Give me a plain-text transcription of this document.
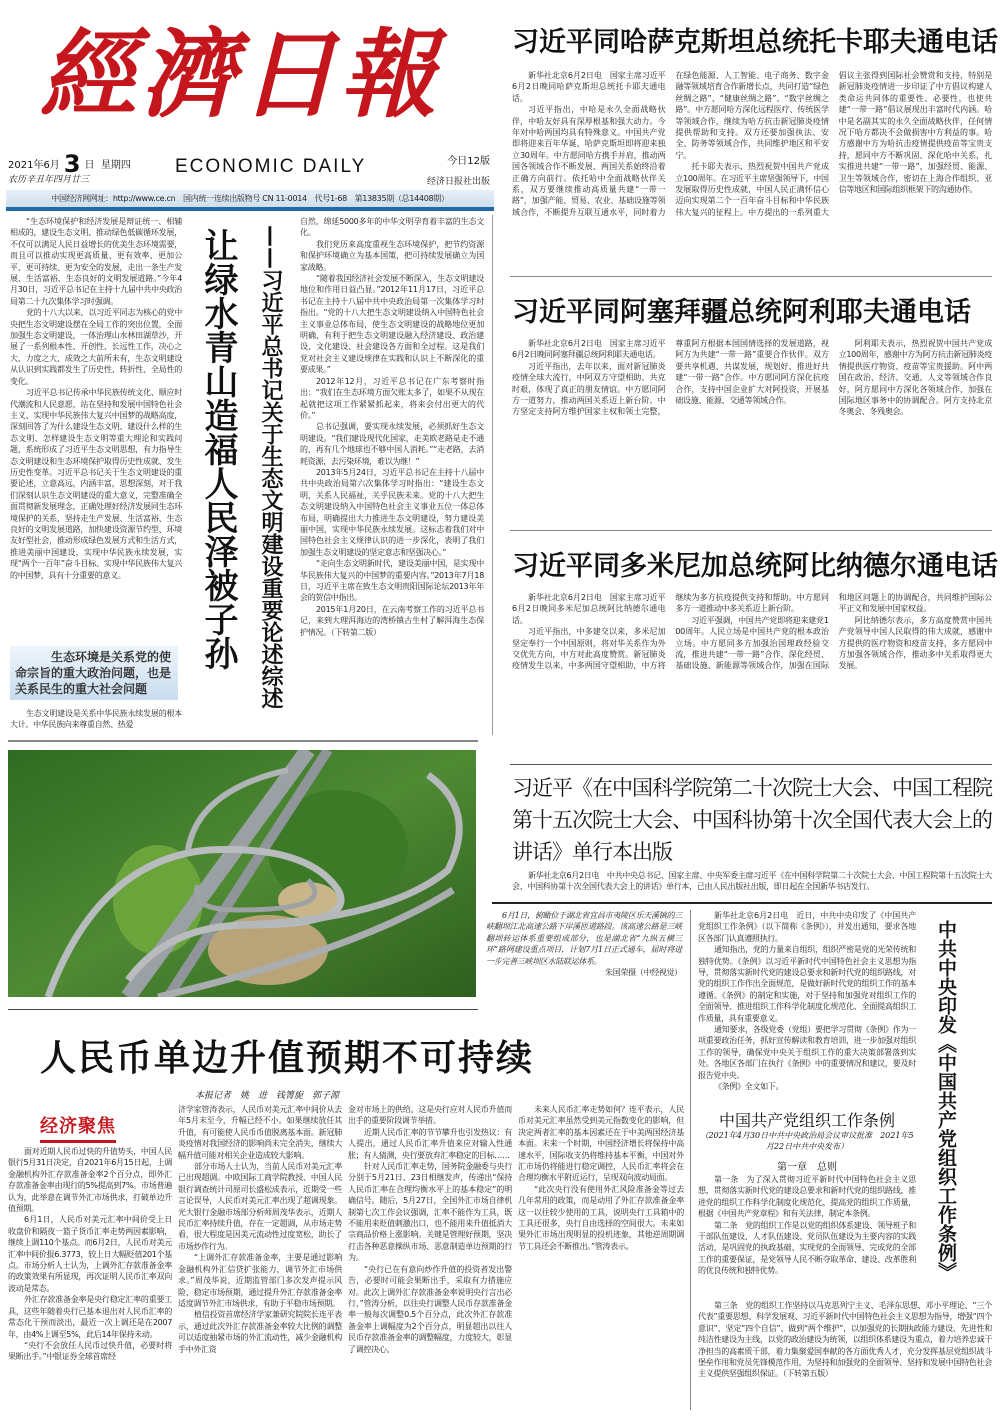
經濟日報
2021年6月 3 日 星期四
农历辛丑年四月廿三
ECONOMIC DAILY	今日12版
经济日报社出版
中国经济网网址：http://www.ce.cn　国内统一连续出版物号 CN 11-0014　代号1-68　第13835期（总14408期）

“生态环境保护和经济发展是辩证统一、相辅相成的，建设生态文明、推动绿色低碳循环发展，不仅可以满足人民日益增长的优美生态环境需要，而且可以推动实现更高质量、更有效率、更加公平、更可持续、更为安全的发展，走出一条生产发展、生活富裕、生态良好的文明发展道路。”今年4月30日，习近平总书记在主持十九届中共中央政治局第二十九次集体学习时强调。

党的十八大以来，以习近平同志为核心的党中央把生态文明建设摆在全局工作的突出位置，全面加强生态文明建设，一体治理山水林田湖草沙，开展了一系列根本性、开创性、长远性工作，决心之大、力度之大、成效之大前所未有，生态文明建设从认识到实践都发生了历史性、转折性、全局性的变化。

习近平总书记传承中华民族传统文化、顺应时代潮流和人民意愿，站在坚持和发展中国特色社会主义、实现中华民族伟大复兴中国梦的战略高度，深刻回答了为什么建设生态文明、建设什么样的生态文明、怎样建设生态文明等重大理论和实践问题，系统形成了习近平生态文明思想，有力指导生态文明建设和生态环境保护取得历史性成就、发生历史性变革。习近平总书记关于生态文明建设的重要论述，立意高远，内涵丰富，思想深刻，对于我们深刻认识生态文明建设的重大意义，完整准确全面贯彻新发展理念，正确处理好经济发展同生态环境保护的关系，坚持走生产发展、生活富裕、生态良好的文明发展道路，加快建设资源节约型、环境友好型社会，推动形成绿色发展方式和生活方式，推进美丽中国建设，实现中华民族永续发展，实现“两个一百年”奋斗目标、实现中华民族伟大复兴的中国梦，具有十分重要的意义。

生态环境是关系党的使命宗旨的重大政治问题，也是关系民生的重大社会问题

生态文明建设是关系中华民族永续发展的根本大计。中华民族向来尊重自然、热爱

让绿水青山造福人民泽被子孙 ——习近平总书记关于生态文明建设重要论述综述

自然，绵延5000多年的中华文明孕育着丰富的生态文化。

我们党历来高度重视生态环境保护，把节约资源和保护环境确立为基本国策，把可持续发展确立为国家战略。

“随着我国经济社会发展不断深入，生态文明建设地位和作用日益凸显。”2012年11月17日，习近平总书记在主持十八届中共中央政治局第一次集体学习时指出。“党的十八大把生态文明建设纳入中国特色社会主义事业总体布局，使生态文明建设的战略地位更加明确，有利于把生态文明建设融入经济建设、政治建设、文化建设、社会建设各方面和全过程。这是我们党对社会主义建设规律在实践和认识上不断深化的重要成果。”

2012年12月，习近平总书记在广东考察时指出：“我们在生态环境方面欠账太多了，如果不从现在起就把这项工作紧紧抓起来，将来会付出更大的代价。”

总书记强调，要实现永续发展，必须抓好生态文明建设。“我们建设现代化国家，走美欧老路是走不通的，再有几个地球也不够中国人消耗。”“走老路，去消耗资源，去污染环境，难以为继！”

2013年5月24日，习近平总书记在主持十八届中共中央政治局第六次集体学习时指出：“建设生态文明，关系人民福祉，关乎民族未来。党的十八大把生态文明建设纳入中国特色社会主义事业五位一体总体布局，明确提出大力推进生态文明建设，努力建设美丽中国，实现中华民族永续发展。这标志着我们对中国特色社会主义规律认识的进一步深化，表明了我们加强生态文明建设的坚定意志和坚强决心。”

“走向生态文明新时代，建设美丽中国，是实现中华民族伟大复兴的中国梦的重要内容。”2013年7月18日，习近平主席在致生态文明贵阳国际论坛2013年年会的贺信中指出。

2015年1月20日，在云南考察工作的习近平总书记，来到大理洱海边的湾桥镇古生村了解洱海生态保护情况。（下转第二版）

习近平同哈萨克斯坦总统托卡耶夫通电话

新华社北京6月2日电　国家主席习近平6月2日晚同哈萨克斯坦总统托卡耶夫通电话。

习近平指出，中哈是永久全面战略伙伴，中哈友好具有深厚根基和强大动力。今年对中哈两国均具有特殊意义。中国共产党即将迎来百年华诞，哈萨克斯坦即将迎来独立30周年。中方愿同哈方携手并肩，推动两国各领域合作不断发展、两国关系始终沿着正确方向前行。依托哈中全面战略伙伴关系，双方要继续推动高质量共建“一带一路”，加强产能、贸易、农业、基础设施等领域合作，不断提升互联互通水平，同时着力在绿色能源、人工智能、电子商务、数字金融等领域培育合作新增长点，共同打造“绿色丝绸之路”、“健康丝绸之路”、“数字丝绸之路”。中方愿同哈方深化远程医疗、传统医学等领域合作，继续为哈方抗击新冠肺炎疫情提供帮助和支持。双方还要加强执法、安全、防务等领域合作，共同维护地区和平安宁。

托卡耶夫表示，热烈祝贺中国共产党成立100周年。在习近平主席坚强领导下，中国发展取得历史性成就，中国人民正满怀信心迈向实现第二个一百年奋斗目标和中华民族伟大复兴的征程上。中方提出的一系列重大倡议主张得到国际社会赞赏和支持，特别是新冠肺炎疫情进一步印证了中方倡议构建人类命运共同体的重要性、必要性，也使共建“一带一路”倡议展现出丰富时代内涵。哈中是名副其实的永久全面战略伙伴，任何情况下哈方都决不会做损害中方利益的事。哈方感谢中方为哈抗击疫情提供疫苗等宝贵支持，愿同中方不断巩固、深化哈中关系，扎实推进共建“一带一路”，加强经贸、能源、卫生等领域合作，密切在上海合作组织、亚信等地区和国际组织框架下的沟通协作。

习近平同阿塞拜疆总统阿利耶夫通电话

新华社北京6月2日电　国家主席习近平6月2日晚同阿塞拜疆总统阿利耶夫通电话。

习近平指出，去年以来，面对新冠肺炎疫情全球大流行，中阿双方守望相助、共克时艰，体现了真正的朋友情谊。中方愿同阿方一道努力，推动两国关系迈上新台阶。中方坚定支持阿方维护国家主权和领土完整，尊重阿方根据本国国情选择的发展道路，视阿方为共建“一带一路”重要合作伙伴。双方要共享机遇、共谋发展，规划好、推进好共建“一带一路”合作。中方愿同阿方深化抗疫合作，支持中国企业扩大对阿投资，开展基础设施、能源、交通等领域合作。

阿利耶夫表示，热烈祝贺中国共产党成立100周年，感谢中方为阿方抗击新冠肺炎疫情提供医疗物资、疫苗等宝贵援助。阿中两国在政治、经济、交通、人文等领域合作良好，阿方愿同中方深化各领域合作，加强在国际地区事务中的协调配合。阿方支持北京冬奥会、冬残奥会。

习近平同多米尼加总统阿比纳德尔通电话

新华社北京6月2日电　国家主席习近平6月2日晚同多米尼加总统阿比纳德尔通电话。

习近平指出，中多建交以来，多米尼加坚定奉行一个中国原则，将对华关系作为外交优先方向，中方对此高度赞赏。新冠肺炎疫情发生以来，中多两国守望相助，中方将继续为多方抗疫提供支持和帮助。中方愿同多方一道推动中多关系迈上新台阶。

习近平强调，中国共产党即将迎来建党100周年。人民立场是中国共产党的根本政治立场。中方愿同多方加强治国理政经验交流，推进共建“一带一路”合作，深化经贸、基础设施、新能源等领域合作，加强在国际和地区问题上的协调配合，共同维护国际公平正义和发展中国家权益。

阿比纳德尔表示，多方高度赞赏中国共产党领导中国人民取得的伟大成就，感谢中方提供的医疗物资和疫苗支持，多方愿同中方加强各领域合作，推动多中关系取得更大发展。

习近平《在中国科学院第二十次院士大会、中国工程院第十五次院士大会、中国科协第十次全国代表大会上的讲话》单行本出版

新华社北京6月2日电　中共中央总书记、国家主席、中央军委主席习近平《在中国科学院第二十次院士大会、中国工程院第十五次院士大会、中国科协第十次全国代表大会上的讲话》单行本，已由人民出版社出版，即日起在全国新华书店发行。

6月1日，俯瞰位于湖北省宜昌市夷陵区乐天溪镇的三峡翻坝江北高速公路下岸溪匝道路段。该高速公路是三峡翻坝转运体系重要组成部分，也是湖北省“九纵五横三环”路网建设重点项目，计划7月1日正式通车，届时将进一步完善三峡坝区水陆联运体系。

朱国荣摄（中经视觉）
人民币单边升值预期不可持续
本报记者　姚　进　钱箐旎　郭子源
经济聚焦

面对近期人民币过快的升值势头，中国人民银行5月31日决定，自2021年6月15日起，上调金融机构外汇存款准备金率2个百分点，即外汇存款准备金率由现行的5%提高到7%。市场普遍认为，此举意在调节外汇市场供求，打破单边升值预期。

6月1日，人民币对美元汇率中间价受上日收盘价和隔夜一篮子货币汇率走势两因素影响，继续上调110个基点。而6月2日，人民币对美元汇率中间价报6.3773，较上日大幅贬值201个基点。市场分析人士认为，上调外汇存款准备金率的政策效果有所显现，再次证明人民币汇率双向波动是常态。

外汇存款准备金率是央行稳定汇率的重要工具，这些年随着央行已基本退出对人民币汇率的常态化干预而淡出，最近一次上调还是在2007年，由4%上调至5%，此后14年保持未动。

“央行不会放任人民币过快升值，必要时将果断出手。”中银证券全球首席经

济学家管涛表示，人民币对美元汇率中间价从去年5月末至今，升幅已经不小。如果继续放任其升值，有可能使人民币币值脱离基本面。新冠肺炎疫情对我国经济的影响尚未完全消失，继续大幅升值可能对相关企业造成较大影响。

部分市场人士认为，当前人民币对美元汇率已出现超调。中欧国际工商学院教授、中国人民银行调查统计司原司长盛松成表示，近期受一些言论误导，人民币对美元汇率出现了超调现象。光大银行金融市场部分析师周茂华表示，近期人民币汇率持续升值，存在一定超调，从市场走势看，很大程度是因美元流动性过度宽松，助长了市场炒作行为。

“上调外汇存款准备金率，主要是通过影响金融机构外汇信贷扩张能力，调节外汇市场供求。”周茂华说，近期监管部门多次发声提示风险、稳定市场预期，通过提升外汇存款准备金率适度调节外汇市场供求，有助于平稳市场预期。

植信投资首席经济学家兼研究院院长连平表示，通过此次外汇存款准备金率较大比例的调整可以适度抽紧市场的外汇流动性，减少金融机构手中外汇资

金对市场上的供给。这是央行应对人民币升值而出手的重要阶段调节举措。

近期人民币汇率的节节攀升也引发热议：有人提出，通过人民币汇率升值来应对输入性通胀；有人猜测，央行要放弃汇率稳定的目标……

针对人民币汇率走势，国务院金融委与央行分别于5月21日、23日相继发声，传递出“保持人民币汇率在合理均衡水平上的基本稳定”的明确信号。随后，5月27日，全国外汇市场自律机制第七次工作会议强调，汇率不能作为工具，既不能用来贬值刺激出口，也不能用来升值抵消大宗商品价格上涨影响。关键是管理好预期，坚决打击各种恶意操纵市场、恶意制造单边预期的行为。

“央行已在有意向炒作升值的投资者发出警告，必要时可能会果断出手，采取有力措施应对。此次上调外汇存款准备金率说明央行言出必行，”管涛分析，以往央行调整人民币存款准备金率一般每次调整0.5个百分点，此次外汇存款准备金率上调幅度为2个百分点，明显超出以往人民币存款准备金率的调整幅度，力度较大，彰显了调控决心。

未来人民币汇率走势如何？连平表示，人民币对美元汇率虽然受到美元指数变化的影响，但决定两者汇率的基本因素还在于中美两国经济基本面。未来一个时期，中国经济增长将保持中高速水平，国际收支仍将维持基本平衡，中国对外汇市场仍将能进行稳定调控，人民币汇率将会在合理均衡水平附近运行，呈现双向波动局面。

“此次央行没有使用外汇风险准备金等过去几年常用的政策，而是动用了外汇存款准备金率这一以往较少使用的工具，说明央行工具箱中的工具还很多，央行自由选择的空间很大。未来如果外汇市场出现明显的投机迹象，其他逆周期调节工具还会不断推出。”管涛表示。

新华社北京6月2日电　近日，中共中央印发了《中国共产党组织工作条例》（以下简称《条例》），并发出通知，要求各地区各部门认真遵照执行。

通知指出，党的力量来自组织，组织严密是党的光荣传统和独特优势。《条例》以习近平新时代中国特色社会主义思想为指导，贯彻落实新时代党的建设总要求和新时代党的组织路线，对党的组织工作作出全面规范，是做好新时代党的组织工作的基本遵循。《条例》的制定和实施，对于坚持和加强党对组织工作的全面领导、推进组织工作科学化制度化规范化、全面提高组织工作质量，具有重要意义。

通知要求，各级党委（党组）要把学习贯彻《条例》作为一项重要政治任务，抓好宣传解读和教育培训，进一步加强对组织工作的领导，确保党中央关于组织工作的重大决策部署落到实处。各地区各部门在执行《条例》中的重要情况和建议，要及时报告党中央。

《条例》全文如下。

中国共产党组织工作条例
（2021年4月30日中共中央政治局会议审议批准　2021年5月22日中共中央发布）
第一章　总则

第一条　为了深入贯彻习近平新时代中国特色社会主义思想，贯彻落实新时代党的建设总要求和新时代党的组织路线，推进党的组织工作科学化制度化规范化，提高党的组织工作质量，根据《中国共产党章程》和有关法律，制定本条例。

第二条　党的组织工作是以党的组织体系建设、领导班子和干部队伍建设、人才队伍建设、党员队伍建设为主要内容的实践活动，是巩固党的执政基础、实现党的全面领导、完成党的全部工作的重要保证，是党领导人民不断夺取革命、建设、改革胜利的优良传统和独特优势。

第三条　党的组织工作坚持以马克思列宁主义、毛泽东思想、邓小平理论、“三个代表”重要思想、科学发展观、习近平新时代中国特色社会主义思想为指导，增强“四个意识”、坚定“四个自信”、做到“两个维护”，以加强党的长期执政能力建设、先进性和纯洁性建设为主线，以党的政治建设为统领，以组织体系建设为重点，着力培养忠诚干净担当的高素质干部，着力集聚爱国奉献的各方面优秀人才，充分发挥基层党组织战斗堡垒作用和党员先锋模范作用，为坚持和加强党的全面领导、坚持和发展中国特色社会主义提供坚强组织保证。（下转第五版）

中共中央印发《中国共产党组织工作条例》
